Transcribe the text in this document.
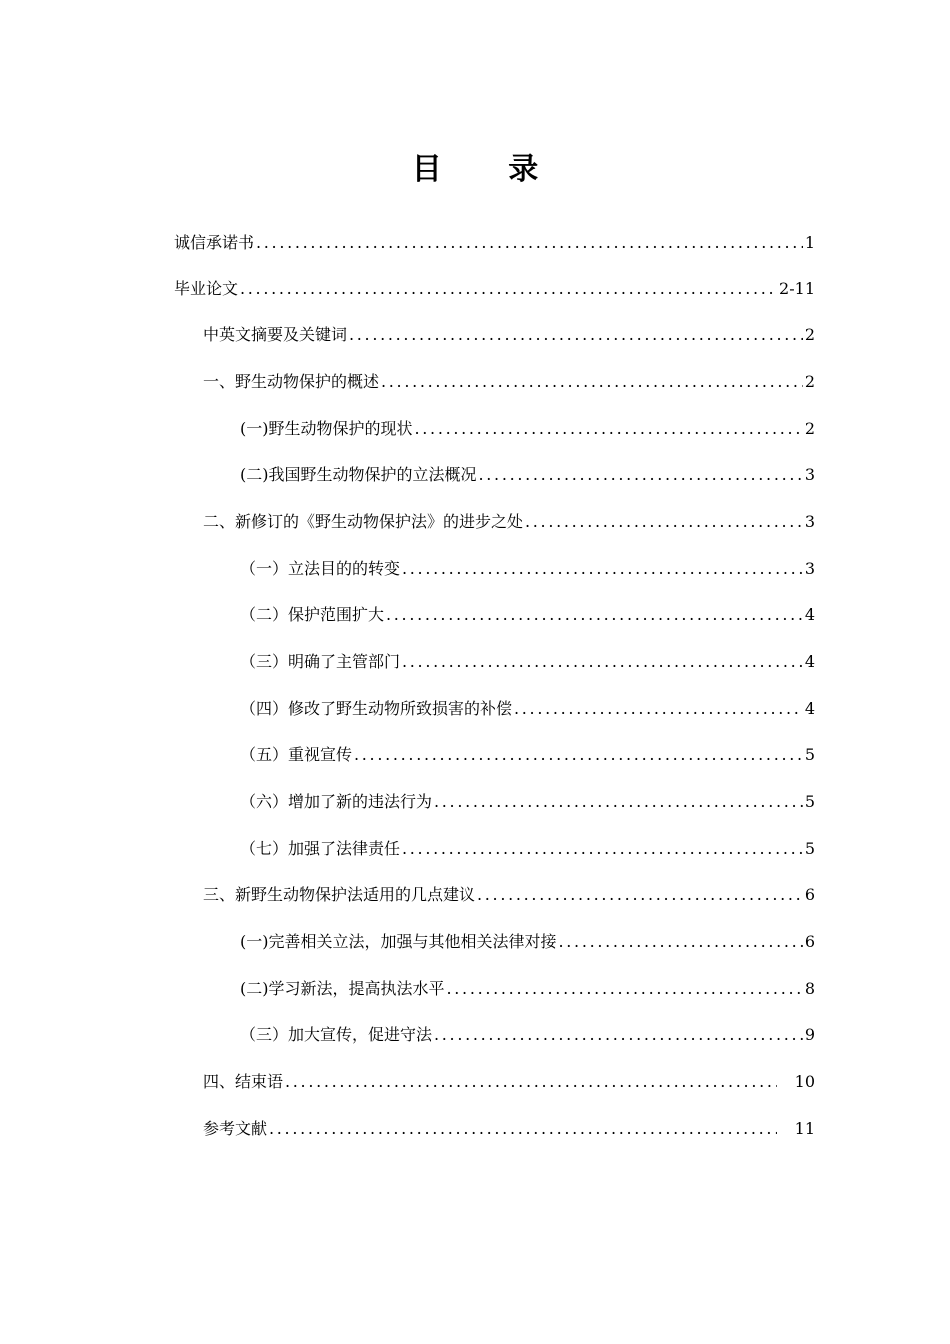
目 录
诚信承诺书 . . .	1
毕业论文 . . .	2-11
中英文摘要及关键词 . . .	2
一、野生动物保护的概述 . . .	2
(一)野生动物保护的现状 . . .	2
(二)我国野生动物保护的立法概况 . . .	3
二、新修订的《野生动物保护法》的进步之处 . . .	3
（一）立法目的的转变 . . .	3
（二）保护范围扩大 . . .	4
（三）明确了主管部门 . . .	4
（四）修改了野生动物所致损害的补偿 . . .	4
（五）重视宣传 . . .	5
（六）增加了新的违法行为 . . .	5
（七）加强了法律责任 . . .	5
三、新野生动物保护法适用的几点建议 . . .	6
(一)完善相关立法，加强与其他相关法律对接 . . .	6
(二)学习新法，提高执法水平 . . .	8
（三）加大宣传，促进守法 . . .	9
四、结束语 . . .	10
参考文献 . . .	11
